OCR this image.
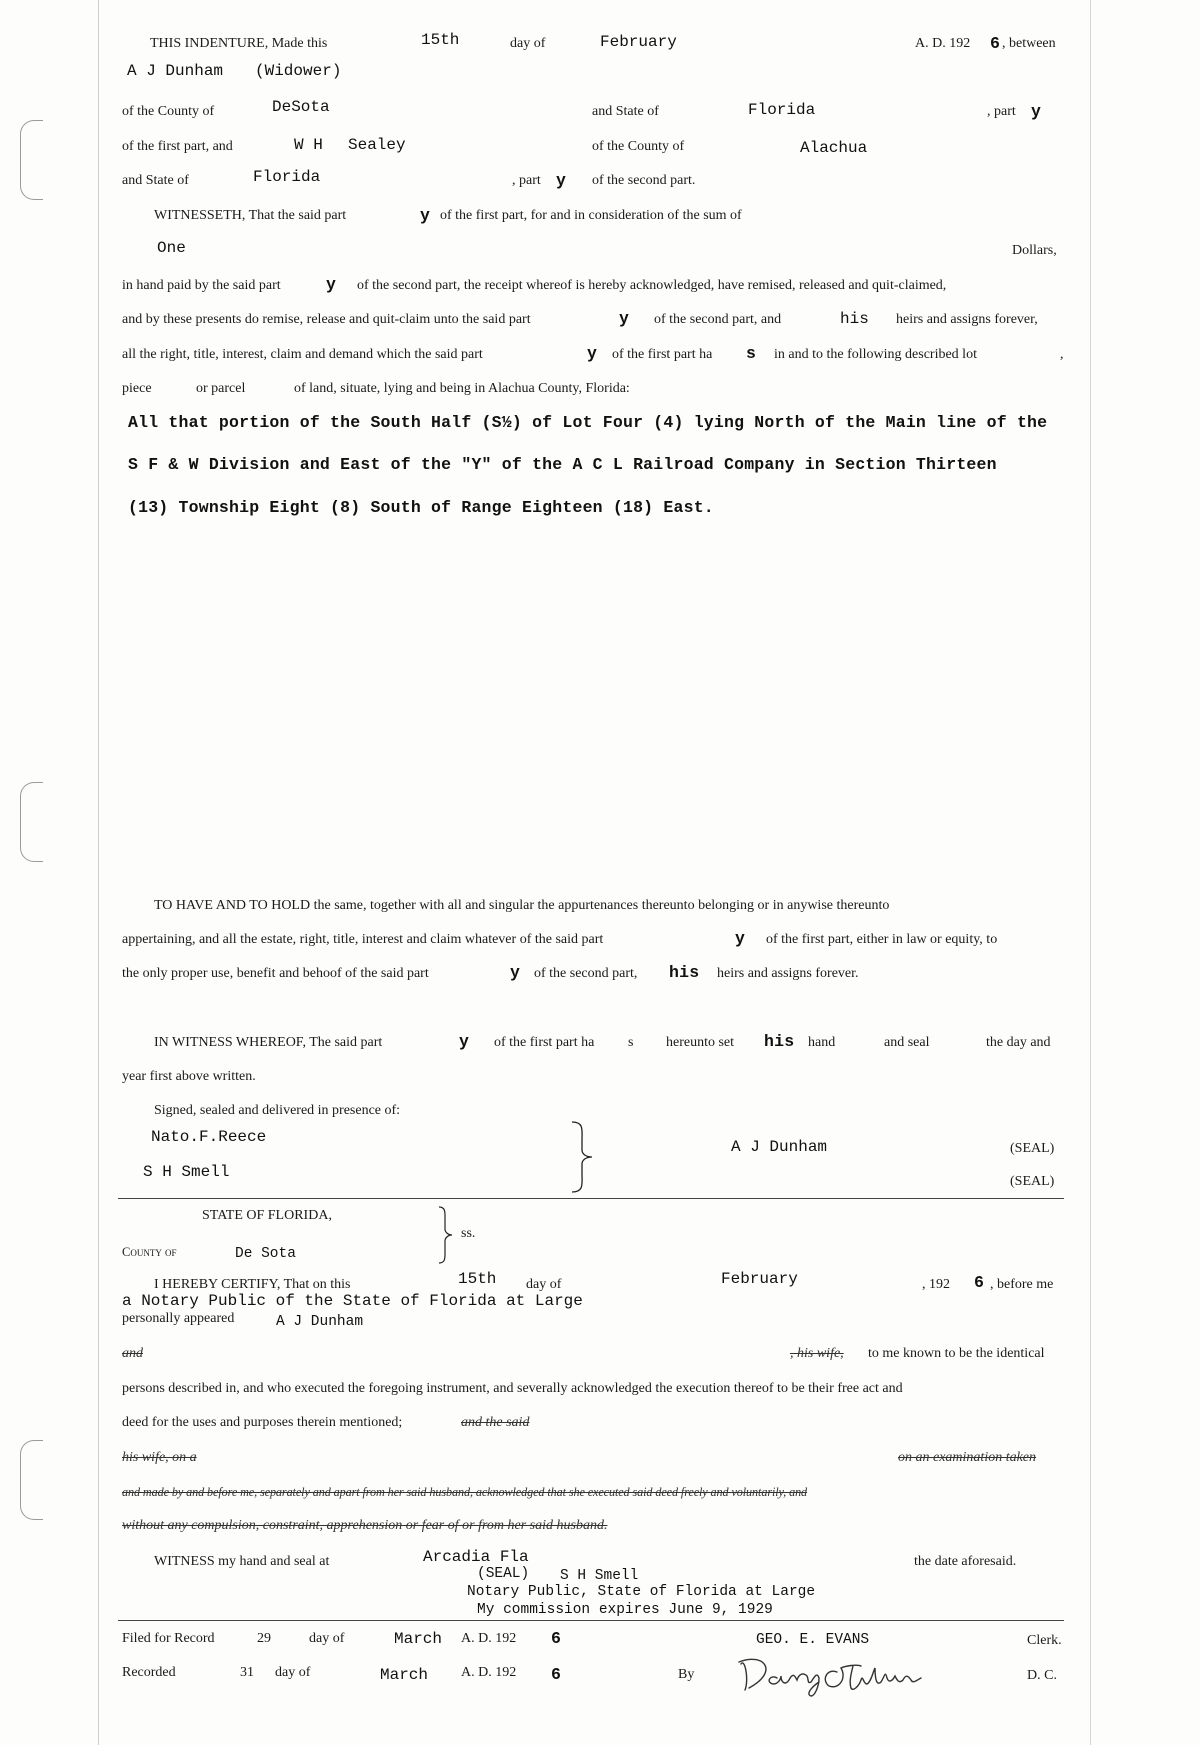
THIS INDENTURE, Made this	15th	day of	February	A. D. 192 6 , between
A J Dunham (Widower)
of the County of	DeSota	and State of	Florida	, part y
of the first part, and	W H Sealey	of the County of	Alachua
and State of	Florida	, part y of the second part.
WITNESSETH, That the said part	y of the first part, for and in consideration of the sum of
One	Dollars,
in hand paid by the said part	y of the second part, the receipt whereof is hereby acknowledged, have remised, released and quit-claimed,
and by these presents do remise, release and quit-claim unto the said part	y of the second part, and	his heirs and assigns forever,
all the right, title, interest, claim and demand which the said part	y of the first part ha s in and to the following described lot	,
piece	or parcel	of land, situate, lying and being in Alachua County, Florida:
All that portion of the South Half (S½) of Lot Four (4) lying North of the Main line of the
S F & W Division and East of the "Y" of the A C L Railroad Company in Section Thirteen
(13) Township Eight (8) South of Range Eighteen (18) East.
TO HAVE AND TO HOLD the same, together with all and singular the appurtenances thereunto belonging or in anywise thereunto
appertaining, and all the estate, right, title, interest and claim whatever of the said part	y of the first part, either in law or equity, to
the only proper use, benefit and behoof of the said part	y of the second part, his heirs and assigns forever.
IN WITNESS WHEREOF, The said part	y of the first part ha s hereunto set his hand	and seal	the day and
year first above written.
Signed, sealed and delivered in presence of:
Nato.F.Reece
S H Smell
A J Dunham	(SEAL)
(SEAL)
STATE OF FLORIDA,
ss.
County of	De Sota
I HEREBY CERTIFY, That on this	15th day of	February	, 192 6 , before me
a Notary Public of the State of Florida at Large
personally appeared	A J Dunham
and	, his wife, to me known to be the identical
persons described in, and who executed the foregoing instrument, and severally acknowledged the execution thereof to be their free act and
deed for the uses and purposes therein mentioned;	and the said
his wife, on a	on an examination taken
and made by and before me, separately and apart from her said husband, acknowledged that she executed said deed freely and voluntarily, and
without any compulsion, constraint, apprehension or fear of or from her said husband.
WITNESS my hand and seal at	Arcadia Fla	the date aforesaid.
(SEAL) S H Smell
Notary Public, State of Florida at Large
My commission expires June 9, 1929
Filed for Record	29	day of	March A. D. 192 6	GEO. E. EVANS	Clerk.
Recorded	31 day of	March A. D. 192 6	By	D. C.
